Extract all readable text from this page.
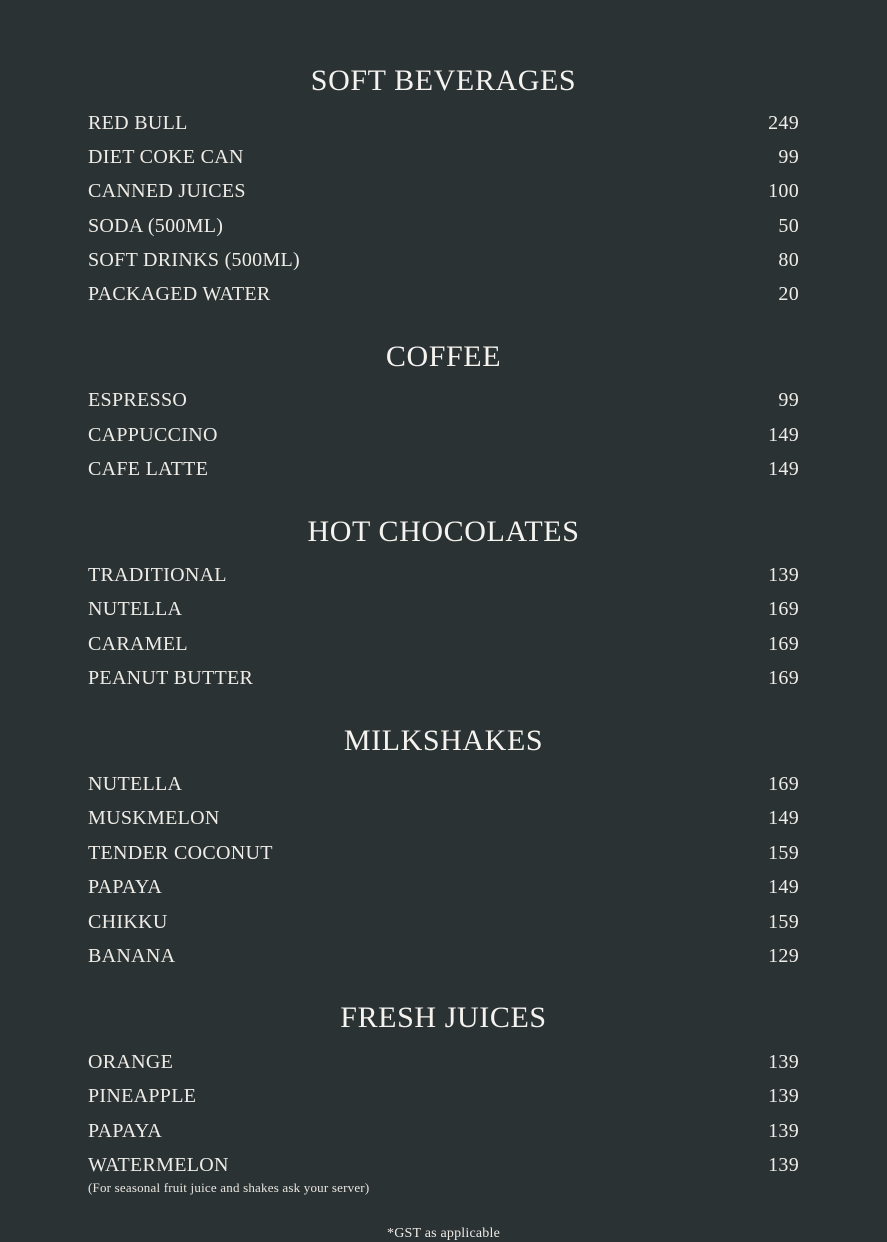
SOFT BEVERAGES
RED BULL	249
DIET COKE CAN	99
CANNED JUICES	100
SODA (500ML)	50
SOFT DRINKS (500ML)	80
PACKAGED WATER	20
COFFEE
ESPRESSO	99
CAPPUCCINO	149
CAFE LATTE	149
HOT CHOCOLATES
TRADITIONAL	139
NUTELLA	169
CARAMEL	169
PEANUT BUTTER	169
MILKSHAKES
NUTELLA	169
MUSKMELON	149
TENDER COCONUT	159
PAPAYA	149
CHIKKU	159
BANANA	129
FRESH JUICES
ORANGE	139
PINEAPPLE	139
PAPAYA	139
WATERMELON	139
(For seasonal fruit juice and shakes ask your server)
*GST as applicable
